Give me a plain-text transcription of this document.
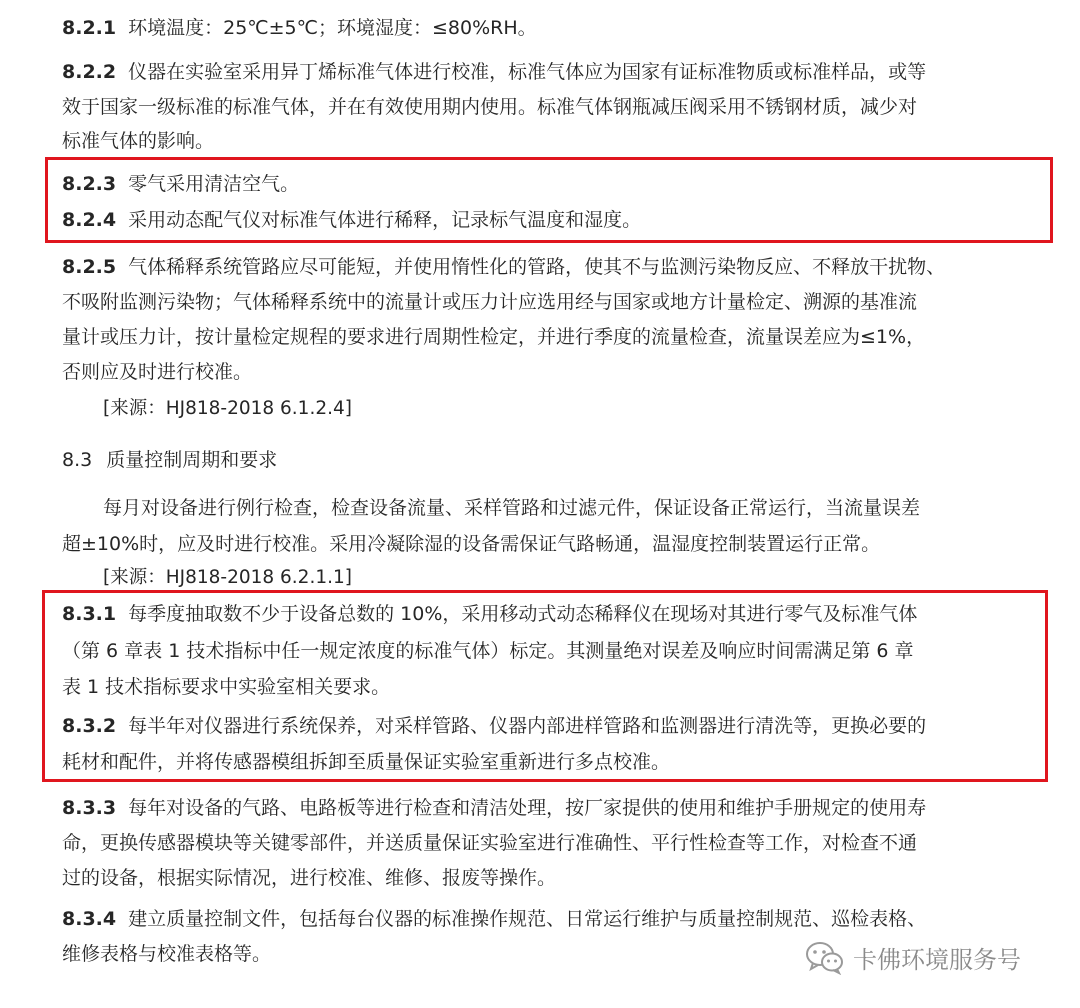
8.2.1 环境温度：25℃±5℃；环境湿度：≤80%RH。
8.2.2 仪器在实验室采用异丁烯标准气体进行校准，标准气体应为国家有证标准物质或标准样品，或等
效于国家一级标准的标准气体，并在有效使用期内使用。标准气体钢瓶减压阀采用不锈钢材质，减少对
标准气体的影响。
8.2.3 零气采用清洁空气。
8.2.4 采用动态配气仪对标准气体进行稀释，记录标气温度和湿度。
8.2.5 气体稀释系统管路应尽可能短，并使用惰性化的管路，使其不与监测污染物反应、不释放干扰物、
不吸附监测污染物；气体稀释系统中的流量计或压力计应选用经与国家或地方计量检定、溯源的基准流
量计或压力计，按计量检定规程的要求进行周期性检定，并进行季度的流量检查，流量误差应为≤1%，
否则应及时进行校准。
[来源：HJ818-2018 6.1.2.4]
8.3 质量控制周期和要求
每月对设备进行例行检查，检查设备流量、采样管路和过滤元件，保证设备正常运行，当流量误差
超±10%时，应及时进行校准。采用冷凝除湿的设备需保证气路畅通，温湿度控制装置运行正常。
[来源：HJ818-2018 6.2.1.1]
8.3.1 每季度抽取数不少于设备总数的 10%，采用移动式动态稀释仪在现场对其进行零气及标准气体
（第 6 章表 1 技术指标中任一规定浓度的标准气体）标定。其测量绝对误差及响应时间需满足第 6 章
表 1 技术指标要求中实验室相关要求。
8.3.2 每半年对仪器进行系统保养，对采样管路、仪器内部进样管路和监测器进行清洗等，更换必要的
耗材和配件，并将传感器模组拆卸至质量保证实验室重新进行多点校准。
8.3.3 每年对设备的气路、电路板等进行检查和清洁处理，按厂家提供的使用和维护手册规定的使用寿
命，更换传感器模块等关键零部件，并送质量保证实验室进行准确性、平行性检查等工作，对检查不通
过的设备，根据实际情况，进行校准、维修、报废等操作。
8.3.4 建立质量控制文件，包括每台仪器的标准操作规范、日常运行维护与质量控制规范、巡检表格、
维修表格与校准表格等。	卡佛环境服务号
